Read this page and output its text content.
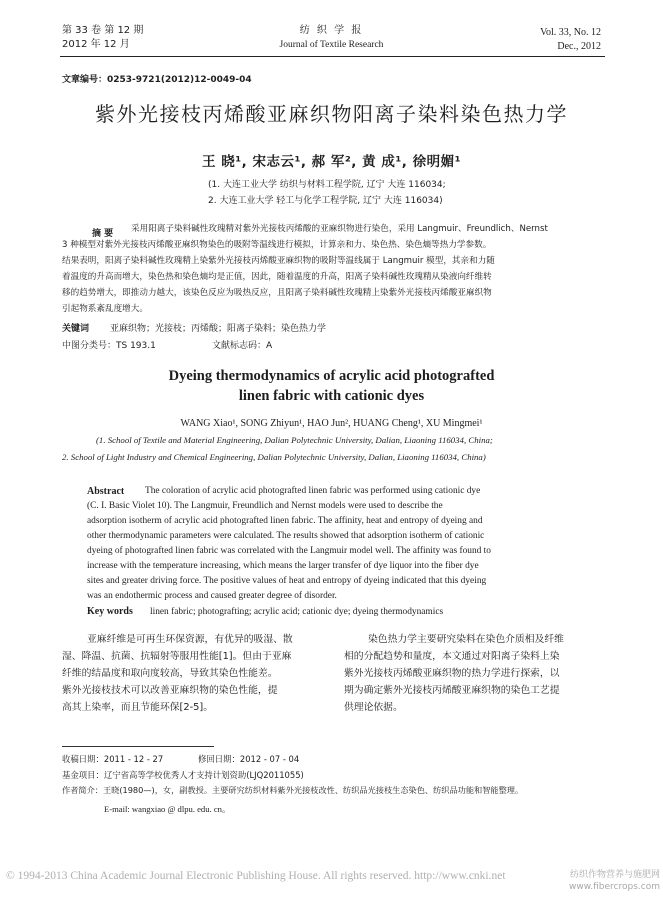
第 33 卷 第 12 期
2012 年 12 月
纺 织 学 报
Journal of Textile Research
Vol. 33, No. 12
Dec., 2012
文章编号：0253-9721(2012)12-0049-04
紫外光接枝丙烯酸亚麻织物阳离子染料染色热力学
王 晓¹, 宋志云¹, 郝 军², 黄 成¹, 徐明媚¹
(1. 大连工业大学 纺织与材料工程学院, 辽宁 大连 116034;
2. 大连工业大学 轻工与化学工程学院, 辽宁 大连 116034)
摘 要 采用阳离子染料碱性玫瑰精对紫外光接枝丙烯酸的亚麻织物进行染色，采用 Langmuir、Freundlich、Nernst
3 种模型对紫外光接枝丙烯酸亚麻织物染色的吸附等温线进行模拟，计算亲和力、染色热、染色熵等热力学参数。
结果表明，阳离子染料碱性玫瑰精上染紫外光接枝丙烯酸亚麻织物的吸附等温线属于 Langmuir 模型，其亲和力随
着温度的升高而增大，染色热和染色熵均是正值，因此，随着温度的升高，阳离子染料碱性玫瑰精从染液向纤维转
移的趋势增大，即推动力越大，该染色反应为吸热反应，且阳离子染料碱性玫瑰精上染紫外光接枝丙烯酸亚麻织物
引起物系紊乱度增大。
关键词 亚麻织物；光接枝；丙烯酸；阳离子染料；染色热力学
中图分类号：TS 193.1	文献标志码：A
Dyeing thermodynamics of acrylic acid photografted
linen fabric with cationic dyes
WANG Xiao¹, SONG Zhiyun¹, HAO Jun², HUANG Cheng¹, XU Mingmei¹
(1. School of Textile and Material Engineering, Dalian Polytechnic University, Dalian, Liaoning 116034, China;
2. School of Light Industry and Chemical Engineering, Dalian Polytechnic University, Dalian, Liaoning 116034, China)
Abstract The coloration of acrylic acid photografted linen fabric was performed using cationic dye
(C. I. Basic Violet 10). The Langmuir, Freundlich and Nernst models were used to describe the
adsorption isotherm of acrylic acid photografted linen fabric. The affinity, heat and entropy of dyeing and
other thermodynamic parameters were calculated. The results showed that adsorption isotherm of cationic
dyeing of photografted linen fabric was correlated with the Langmuir model well. The affinity was found to
increase with the temperature increasing, which means the larger transfer of dye liquor into the fiber dye
sites and greater driving force. The positive values of heat and entropy of dyeing indicated that this dyeing
was an endothermic process and caused greater degree of disorder.
Key words linen fabric; photografting; acrylic acid; cationic dye; dyeing thermodynamics
亚麻纤维是可再生环保资源，有优异的吸湿、散
湿、降温、抗菌、抗辐射等服用性能[1]。但由于亚麻
纤维的结晶度和取向度较高，导致其染色性能差。
紫外光接枝技术可以改善亚麻织物的染色性能，提
高其上染率，而且节能环保[2-5]。
染色热力学主要研究染料在染色介质相及纤维
相的分配趋势和量度，本文通过对阳离子染料上染
紫外光接枝丙烯酸亚麻织物的热力学进行探索，以
期为确定紫外光接枝丙烯酸亚麻织物的染色工艺提
供理论依据。
收稿日期：2011 - 12 - 27	修回日期：2012 - 07 - 04
基金项目：辽宁省高等学校优秀人才支持计划资助(LJQ2011055)
作者简介：王晓(1980—)，女，副教授。主要研究纺织材料紫外光接枝改性、纺织品光接枝生态染色、纺织品功能和智能整理。
E-mail: wangxiao @ dlpu. edu. cn。
© 1994-2013 China Academic Journal Electronic Publishing House. All rights reserved. http://www.cnki.net	纺织作物营养与施肥网 www.fibercrops.com
